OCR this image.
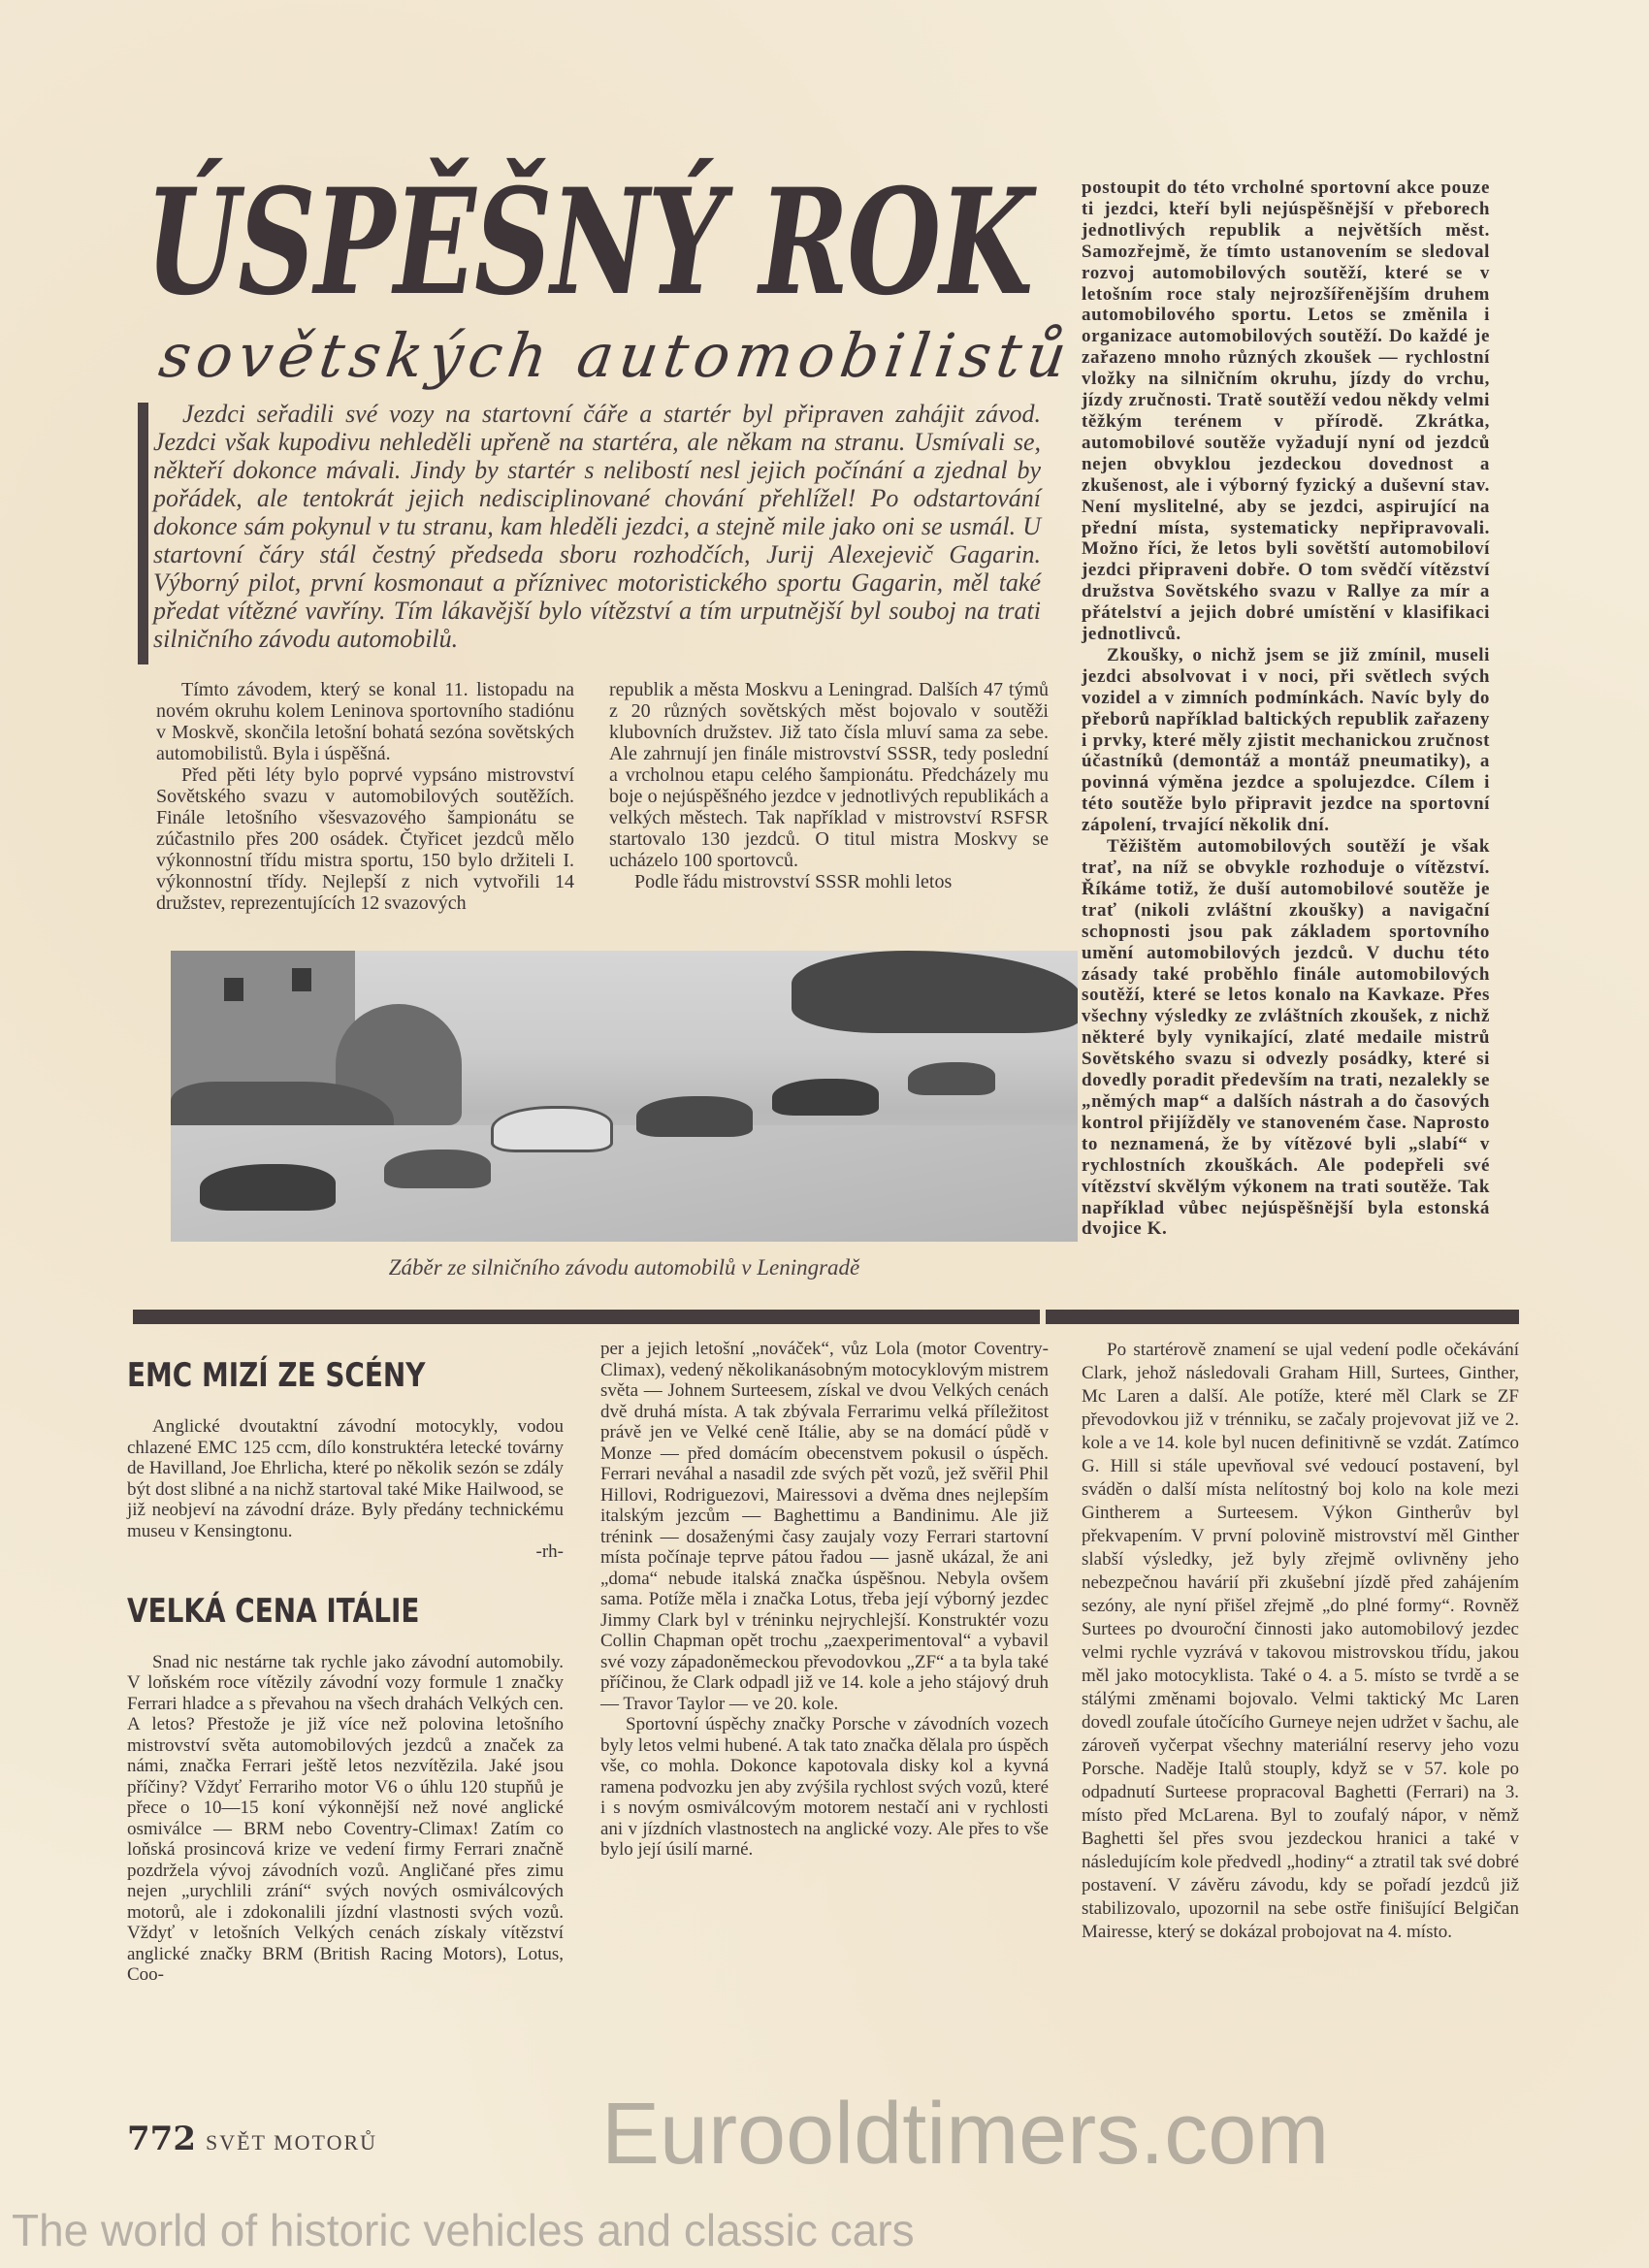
ÚSPĚŠNÝ ROK
sovětských automobilistů

Jezdci seřadili své vozy na startovní čáře a startér byl připraven zahájit závod. Jezdci však kupodivu nehleděli upřeně na startéra, ale někam na stranu. Usmívali se, někteří dokonce mávali. Jindy by startér s nelibostí nesl jejich počínání a zjednal by pořádek, ale tentokrát jejich nedisciplinované chování přehlížel! Po odstartování dokonce sám pokynul v tu stranu, kam hleděli jezdci, a stejně mile jako oni se usmál. U startovní čáry stál čestný předseda sboru rozhodčích, Jurij Alexejevič Gagarin. Výborný pilot, první kosmonaut a příznivec motoristického sportu Gagarin, měl také předat vítězné vavříny. Tím lákavější bylo vítězství a tím urputnější byl souboj na trati silničního závodu automobilů.

Tímto závodem, který se konal 11. listopadu na novém okruhu kolem Leninova sportovního stadiónu v Moskvě, skončila letošní bohatá sezóna sovětských automobilistů. Byla i úspěšná.

Před pěti léty bylo poprvé vypsáno mistrovství Sovětského svazu v automobilových soutěžích. Finále letošního všesvazového šampionátu se zúčastnilo přes 200 osádek. Čtyřicet jezdců mělo výkonnostní třídu mistra sportu, 150 bylo držiteli I. výkonnostní třídy. Nejlepší z nich vytvořili 14 družstev, reprezentujících 12 svazových

republik a města Moskvu a Leningrad. Dalších 47 týmů z 20 různých sovětských měst bojovalo v soutěži klubovních družstev. Již tato čísla mluví sama za sebe. Ale zahrnují jen finále mistrovství SSSR, tedy poslední a vrcholnou etapu celého šampionátu. Předcházely mu boje o nejúspěšného jezdce v jednotlivých republikách a velkých městech. Tak například v mistrovství RSFSR startovalo 130 jezdců. O titul mistra Moskvy se ucházelo 100 sportovců.

Podle řádu mistrovství SSSR mohli letos

postoupit do této vrcholné sportovní akce pouze ti jezdci, kteří byli nejúspěšnější v přeborech jednotlivých republik a největších měst. Samozřejmě, že tímto ustanovením se sledoval rozvoj automobilových soutěží, které se v letošním roce staly nejrozšířenějším druhem automobilového sportu. Letos se změnila i organizace automobilových soutěží. Do každé je zařazeno mnoho různých zkoušek — rychlostní vložky na silničním okruhu, jízdy do vrchu, jízdy zručnosti. Tratě soutěží vedou někdy velmi těžkým terénem v přírodě. Zkrátka, automobilové soutěže vyžadují nyní od jezdců nejen obvyklou jezdeckou dovednost a zkušenost, ale i výborný fyzický a duševní stav. Není myslitelné, aby se jezdci, aspirující na přední místa, systematicky nepřipravovali. Možno říci, že letos byli sovětští automobiloví jezdci připraveni dobře. O tom svědčí vítězství družstva Sovětského svazu v Rallye za mír a přátelství a jejich dobré umístění v klasifikaci jednotlivců.

Zkoušky, o nichž jsem se již zmínil, museli jezdci absolvovat i v noci, při světlech svých vozidel a v zimních podmínkách. Navíc byly do přeborů například baltických republik zařazeny i prvky, které měly zjistit mechanickou zručnost účastníků (demontáž a montáž pneumatiky), a povinná výměna jezdce a spolujezdce. Cílem i této soutěže bylo připravit jezdce na sportovní zápolení, trvající několik dní.

Těžištěm automobilových soutěží je však trať, na níž se obvykle rozhoduje o vítězství. Říkáme totiž, že duší automobilové soutěže je trať (nikoli zvláštní zkoušky) a navigační schopnosti jsou pak základem sportovního umění automobilových jezdců. V duchu této zásady také proběhlo finále automobilových soutěží, které se letos konalo na Kavkaze. Přes všechny výsledky ze zvláštních zkoušek, z nichž některé byly vynikající, zlaté medaile mistrů Sovětského svazu si odvezly posádky, které si dovedly poradit především na trati, nezalekly se „němých map“ a dalších nástrah a do časových kontrol přijížděly ve stanoveném čase. Naprosto to neznamená, že by vítězové byli „slabí“ v rychlostních zkouškách. Ale podepřeli své vítězství skvělým výkonem na trati soutěže. Tak například vůbec nejúspěšnější byla estonská dvojice K.

Záběr ze silničního závodu automobilů v Leningradě
EMC MIZÍ ZE SCÉNY

Anglické dvoutaktní závodní motocykly, vodou chlazené EMC 125 ccm, dílo konstruktéra letecké továrny de Havilland, Joe Ehrlicha, které po několik sezón se zdály být dost slibné a na nichž startoval také Mike Hailwood, se již neobjeví na závodní dráze. Byly předány technickému museu v Kensingtonu.

-rh-
VELKÁ CENA ITÁLIE

Snad nic nestárne tak rychle jako závodní automobily. V loňském roce vítězily závodní vozy formule 1 značky Ferrari hladce a s převahou na všech drahách Velkých cen. A letos? Přestože je již více než polovina letošního mistrovství světa automobilových jezdců a značek za námi, značka Ferrari ještě letos nezvítězila. Jaké jsou příčiny? Vždyť Ferrariho motor V6 o úhlu 120 stupňů je přece o 10—15 koní výkonnější než nové anglické osmiválce — BRM nebo Coventry-Climax! Zatím co loňská prosincová krize ve vedení firmy Ferrari značně pozdržela vývoj závodních vozů. Angličané přes zimu nejen „urychlili zrání“ svých nových osmiválcových motorů, ale i zdokonalili jízdní vlastnosti svých vozů. Vždyť v letošních Velkých cenách získaly vítězství anglické značky BRM (British Racing Motors), Lotus, Coo-

per a jejich letošní „nováček“, vůz Lola (motor Coventry-Climax), vedený několikanásobným motocyklovým mistrem světa — Johnem Surteesem, získal ve dvou Velkých cenách dvě druhá místa. A tak zbývala Ferrarimu velká příležitost právě jen ve Velké ceně Itálie, aby se na domácí půdě v Monze — před domácím obecenstvem pokusil o úspěch. Ferrari neváhal a nasadil zde svých pět vozů, jež svěřil Phil Hillovi, Rodriguezovi, Mairessovi a dvěma dnes nejlepším italským jezcům — Baghettimu a Bandinimu. Ale již trénink — dosaženými časy zaujaly vozy Ferrari startovní místa počínaje teprve pátou řadou — jasně ukázal, že ani „doma“ nebude italská značka úspěšnou. Nebyla ovšem sama. Potíže měla i značka Lotus, třeba její výborný jezdec Jimmy Clark byl v tréninku nejrychlejší. Konstruktér vozu Collin Chapman opět trochu „zaexperimentoval“ a vybavil své vozy západoněmeckou převodovkou „ZF“ a ta byla také příčinou, že Clark odpadl již ve 14. kole a jeho stájový druh — Travor Taylor — ve 20. kole.

Sportovní úspěchy značky Porsche v závodních vozech byly letos velmi hubené. A tak tato značka dělala pro úspěch vše, co mohla. Dokonce kapotovala disky kol a kyvná ramena podvozku jen aby zvýšila rychlost svých vozů, které i s novým osmiválcovým motorem nestačí ani v rychlosti ani v jízdních vlastnostech na anglické vozy. Ale přes to vše bylo její úsilí marné.

Po startérově znamení se ujal vedení podle očekávání Clark, jehož následovali Graham Hill, Surtees, Ginther, Mc Laren a další. Ale potíže, které měl Clark se ZF převodovkou již v trénniku, se začaly projevovat již ve 2. kole a ve 14. kole byl nucen definitivně se vzdát. Zatímco G. Hill si stále upevňoval své vedoucí postavení, byl sváděn o další místa nelítostný boj kolo na kole mezi Gintherem a Surteesem. Výkon Gintherův byl překvapením. V první polovině mistrovství měl Ginther slabší výsledky, jež byly zřejmě ovlivněny jeho nebezpečnou havárií při zkušební jízdě před zahájením sezóny, ale nyní přišel zřejmě „do plné formy“. Rovněž Surtees po dvouroční činnosti jako automobilový jezdec velmi rychle vyzrává v takovou mistrovskou třídu, jakou měl jako motocyklista. Také o 4. a 5. místo se tvrdě a se stálými změnami bojovalo. Velmi taktický Mc Laren dovedl zoufale útočícího Gurneye nejen udržet v šachu, ale zároveň vyčerpat všechny materiální reservy jeho vozu Porsche. Naděje Italů stouply, když se v 57. kole po odpadnutí Surteese propracoval Baghetti (Ferrari) na 3. místo před McLarena. Byl to zoufalý nápor, v němž Baghetti šel přes svou jezdeckou hranici a také v následujícím kole předvedl „hodiny“ a ztratil tak své dobré postavení. V závěru závodu, kdy se pořadí jezdců již stabilizovalo, upozornil na sebe ostře finišující Belgičan Mairesse, který se dokázal probojovat na 4. místo.

772 SVĚT MOTORŮ	Eurooldtimers.com
The world of historic vehicles and classic cars
